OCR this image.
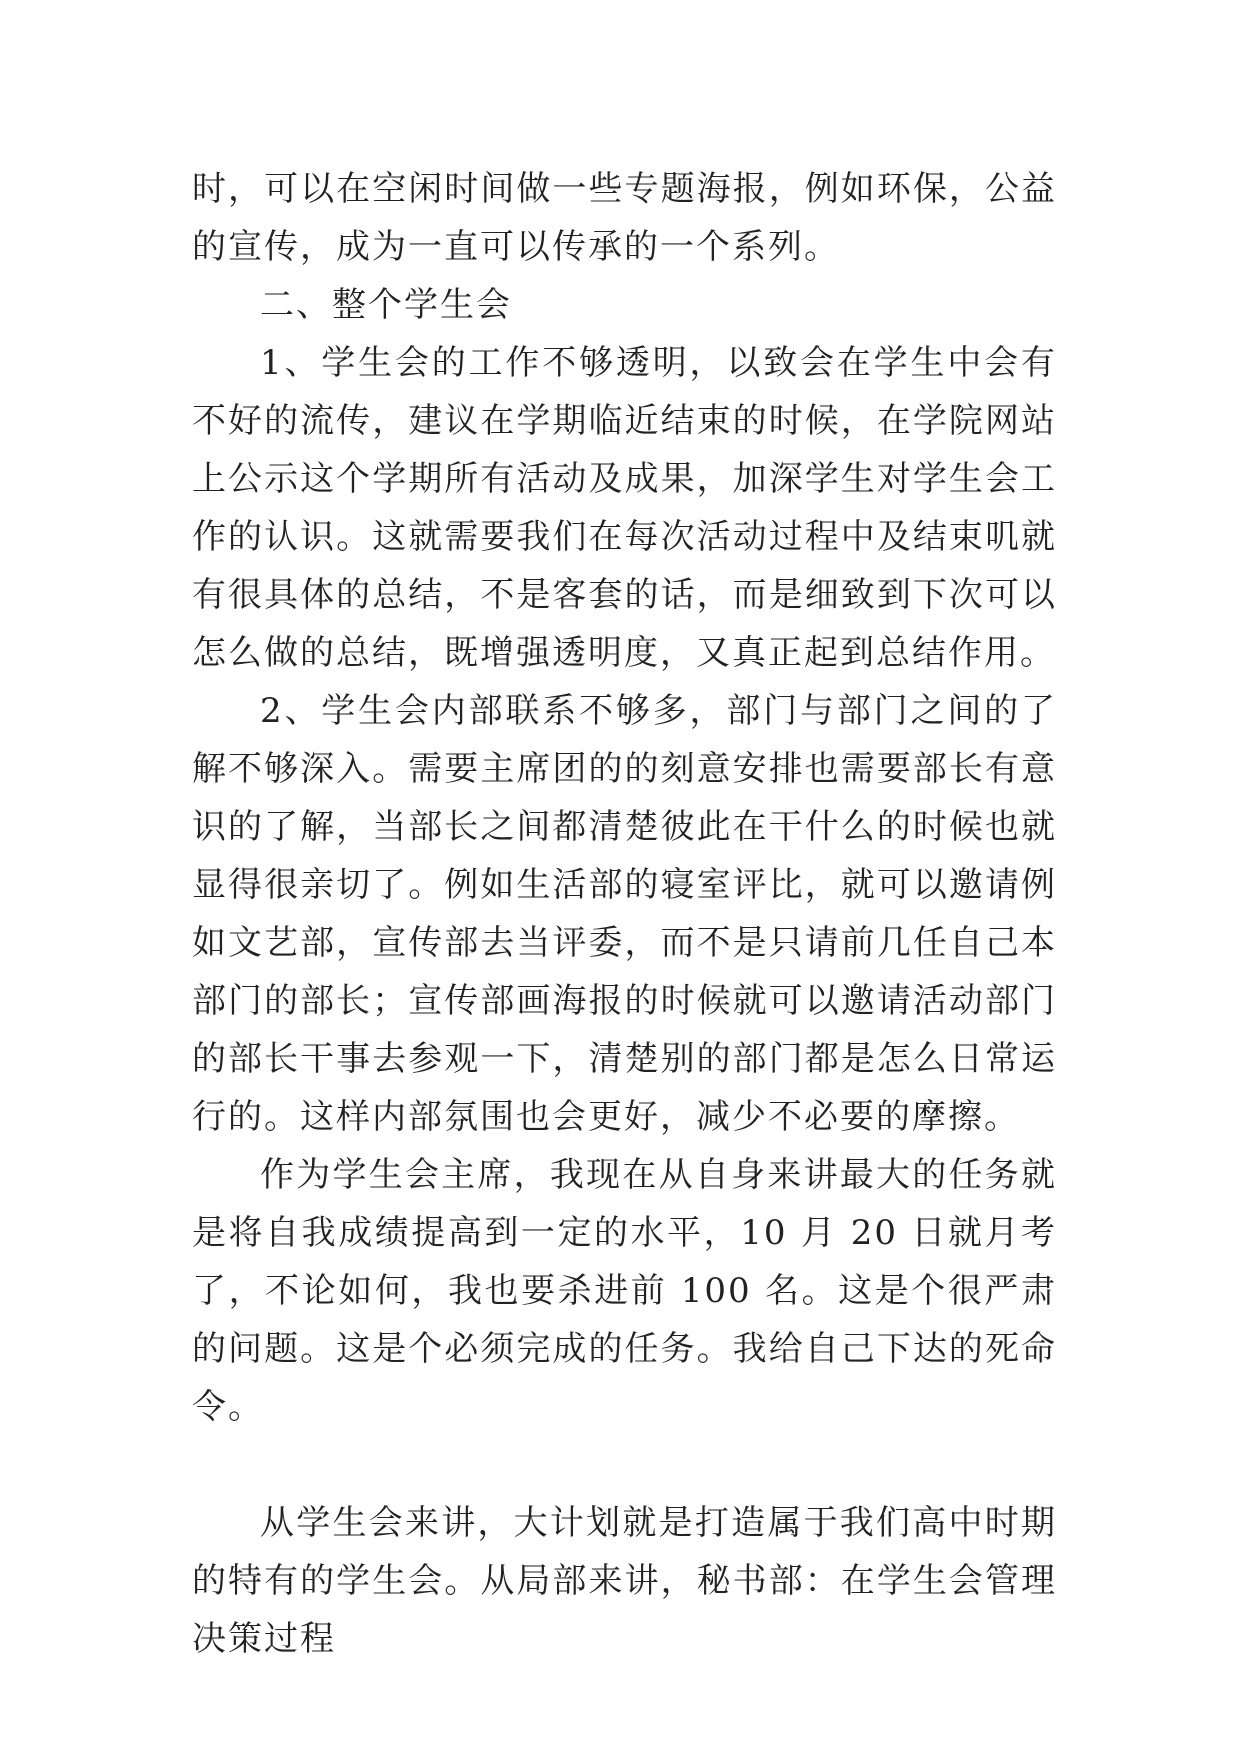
时，可以在空闲时间做一些专题海报，例如环保，公益的宣传，成为一直可以传承的一个系列。

二、整个学生会

1、学生会的工作不够透明，以致会在学生中会有不好的流传，建议在学期临近结束的时候，在学院网站上公示这个学期所有活动及成果，加深学生对学生会工作的认识。这就需要我们在每次活动过程中及结束叽就有很具体的总结，不是客套的话，而是细致到下次可以怎么做的总结，既增强透明度，又真正起到总结作用。

2、学生会内部联系不够多，部门与部门之间的了解不够深入。需要主席团的的刻意安排也需要部长有意识的了解，当部长之间都清楚彼此在干什么的时候也就显得很亲切了。例如生活部的寝室评比，就可以邀请例如文艺部，宣传部去当评委，而不是只请前几任自己本部门的部长；宣传部画海报的时候就可以邀请活动部门的部长干事去参观一下，清楚别的部门都是怎么日常运行的。这样内部氛围也会更好，减少不必要的摩擦。

作为学生会主席，我现在从自身来讲最大的任务就是将自我成绩提高到一定的水平，10 月 20 日就月考了，不论如何，我也要杀进前 100 名。这是个很严肃的问题。这是个必须完成的任务。我给自己下达的死命令。

从学生会来讲，大计划就是打造属于我们高中时期的特有的学生会。从局部来讲，秘书部：在学生会管理决策过程
